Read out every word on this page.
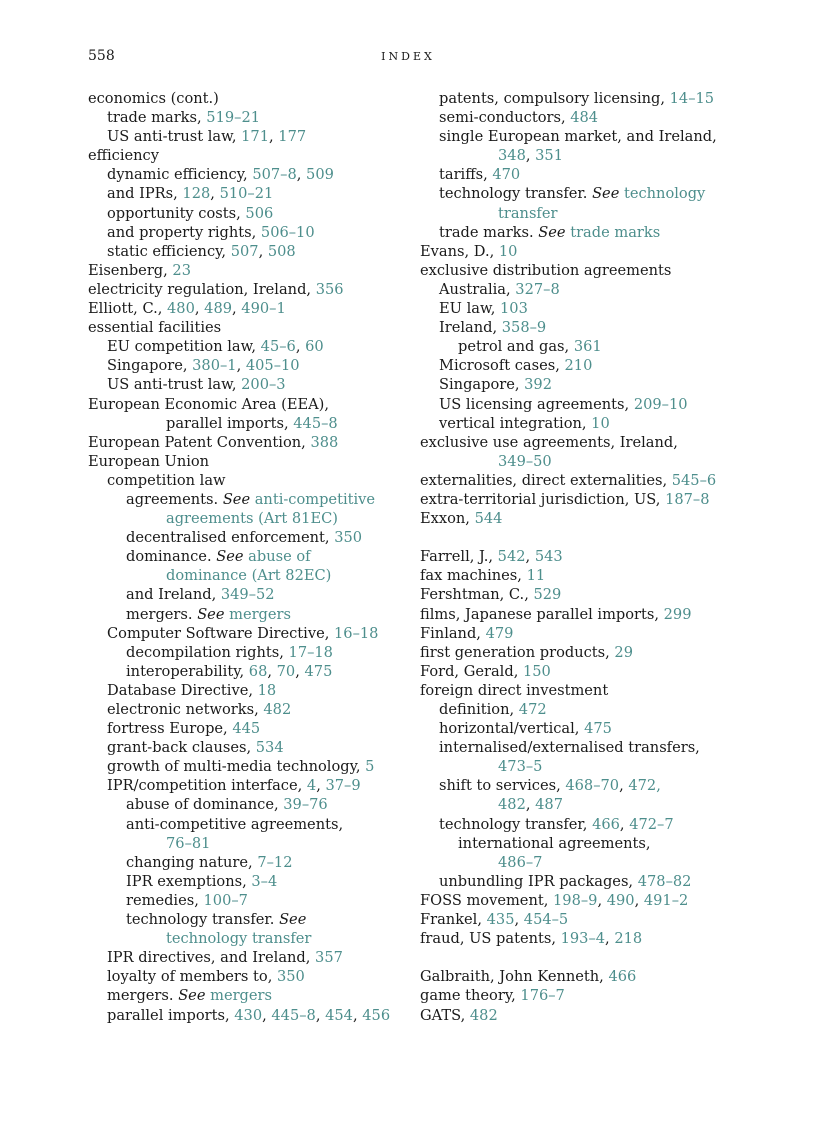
558	INDEX
economics (cont.)
trade marks, 519–21
US anti-trust law, 171, 177
efficiency
dynamic efficiency, 507–8, 509
and IPRs, 128, 510–21
opportunity costs, 506
and property rights, 506–10
static efficiency, 507, 508
Eisenberg, 23
electricity regulation, Ireland, 356
Elliott, C., 480, 489, 490–1
essential facilities
EU competition law, 45–6, 60
Singapore, 380–1, 405–10
US anti-trust law, 200–3
European Economic Area (EEA),
parallel imports, 445–8
European Patent Convention, 388
European Union
competition law
agreements. See anti-competitive
agreements (Art 81EC)
decentralised enforcement, 350
dominance. See abuse of
dominance (Art 82EC)
and Ireland, 349–52
mergers. See mergers
Computer Software Directive, 16–18
decompilation rights, 17–18
interoperability, 68, 70, 475
Database Directive, 18
electronic networks, 482
fortress Europe, 445
grant-back clauses, 534
growth of multi-media technology, 5
IPR/competition interface, 4, 37–9
abuse of dominance, 39–76
anti-competitive agreements,
76–81
changing nature, 7–12
IPR exemptions, 3–4
remedies, 100–7
technology transfer. See
technology transfer
IPR directives, and Ireland, 357
loyalty of members to, 350
mergers. See mergers
parallel imports, 430, 445–8, 454, 456
patents, compulsory licensing, 14–15
semi-conductors, 484
single European market, and Ireland,
348, 351
tariffs, 470
technology transfer. See technology
transfer
trade marks. See trade marks
Evans, D., 10
exclusive distribution agreements
Australia, 327–8
EU law, 103
Ireland, 358–9
petrol and gas, 361
Microsoft cases, 210
Singapore, 392
US licensing agreements, 209–10
vertical integration, 10
exclusive use agreements, Ireland,
349–50
externalities, direct externalities, 545–6
extra-territorial jurisdiction, US, 187–8
Exxon, 544
Farrell, J., 542, 543
fax machines, 11
Fershtman, C., 529
films, Japanese parallel imports, 299
Finland, 479
first generation products, 29
Ford, Gerald, 150
foreign direct investment
definition, 472
horizontal/vertical, 475
internalised/externalised transfers,
473–5
shift to services, 468–70, 472,
482, 487
technology transfer, 466, 472–7
international agreements,
486–7
unbundling IPR packages, 478–82
FOSS movement, 198–9, 490, 491–2
Frankel, 435, 454–5
fraud, US patents, 193–4, 218
Galbraith, John Kenneth, 466
game theory, 176–7
GATS, 482
